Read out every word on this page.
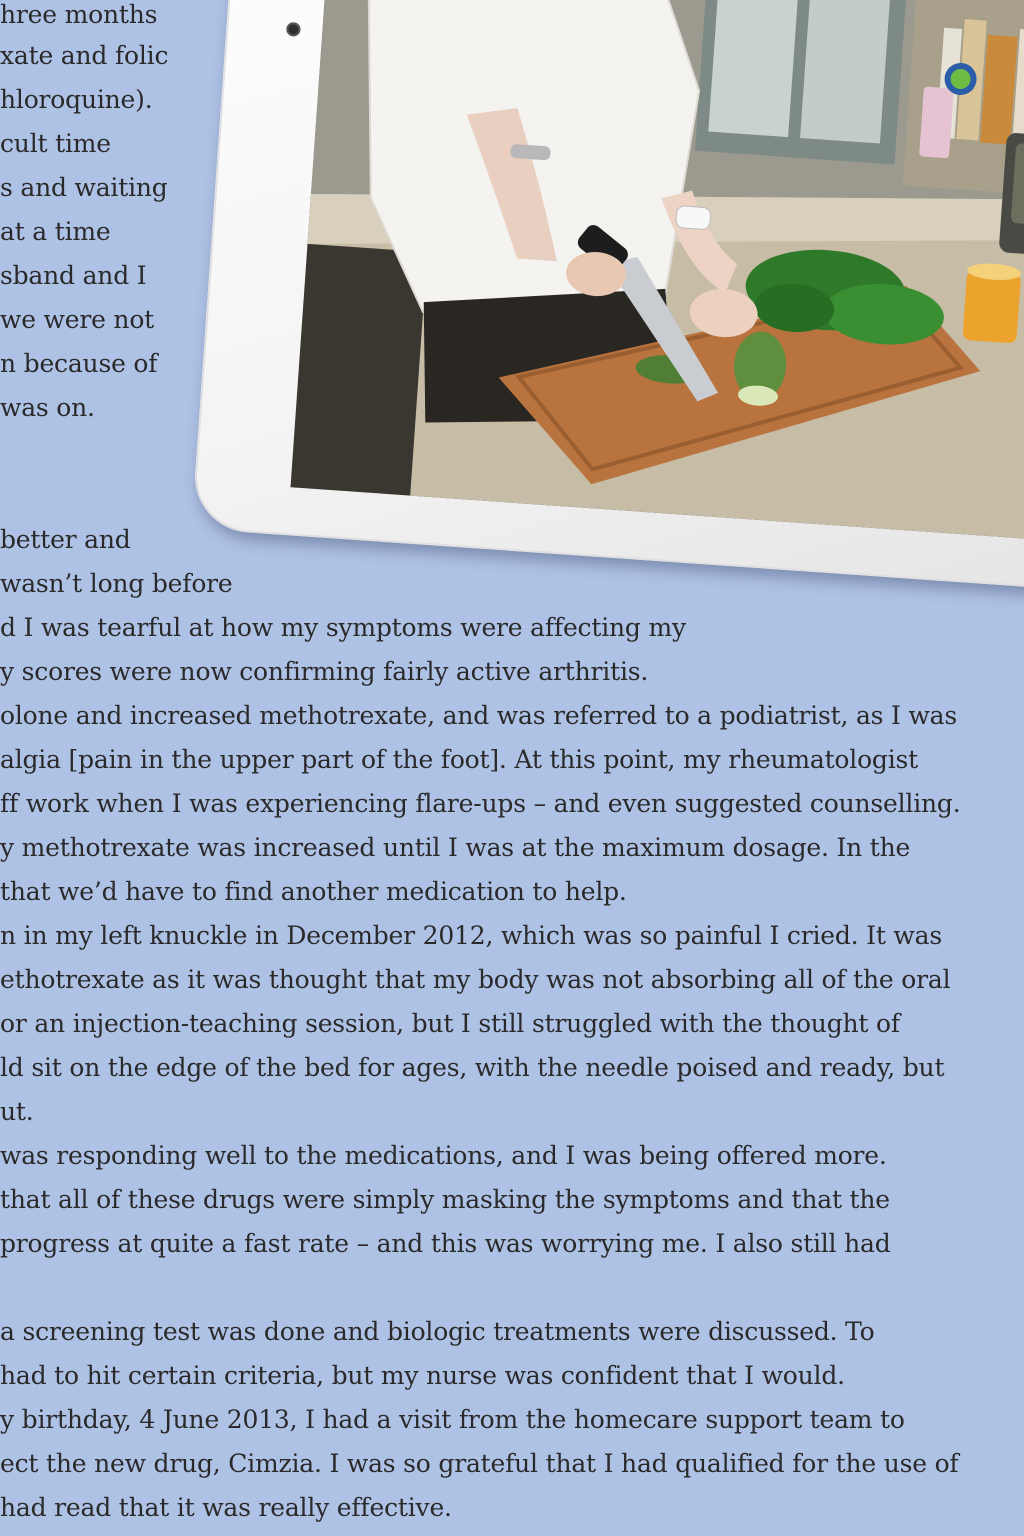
hree months

xate and folic

hloroquine).

cult time

s and waiting

at a time

sband and I

we were not

n because of

was on.

better and

wasn’t long before

d I was tearful at how my symptoms were affecting my

y scores were now confirming fairly active arthritis.

olone and increased methotrexate, and was referred to a podiatrist, as I was

algia [pain in the upper part of the foot]. At this point, my rheumatologist

ff work when I was experiencing flare-ups – and even suggested counselling.

y methotrexate was increased until I was at the maximum dosage. In the

that we’d have to find another medication to help.

n in my left knuckle in December 2012, which was so painful I cried. It was

ethotrexate as it was thought that my body was not absorbing all of the oral

or an injection-teaching session, but I still struggled with the thought of

ld sit on the edge of the bed for ages, with the needle poised and ready, but

ut.

was responding well to the medications, and I was being offered more.

that all of these drugs were simply masking the symptoms and that the

progress at quite a fast rate – and this was worrying me. I also still had

a screening test was done and biologic treatments were discussed. To

had to hit certain criteria, but my nurse was confident that I would.

y birthday, 4 June 2013, I had a visit from the homecare support team to

ect the new drug, Cimzia. I was so grateful that I had qualified for the use of

had read that it was really effective.
